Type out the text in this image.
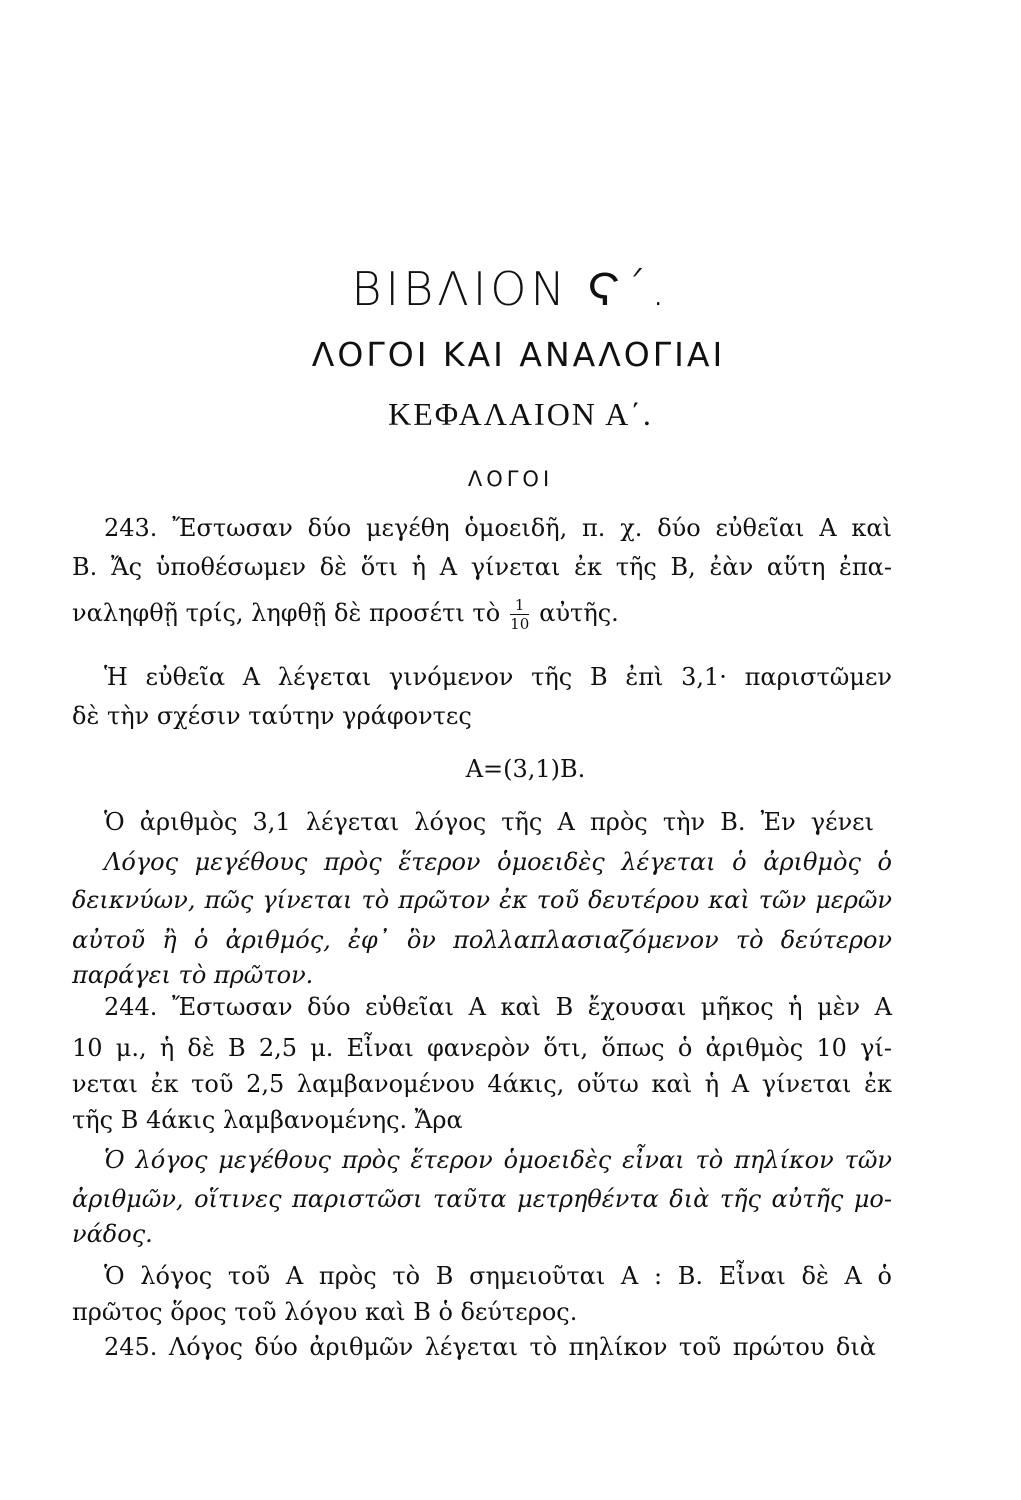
ΒΙΒΛΙΟΝ Ϛ΄.
ΛΟΓΟΙ ΚΑΙ ΑΝΑΛΟΓΙΑΙ
ΚΕΦΑΛΑΙΟΝ Α΄.
ΛΟΓΟΙ
243. Ἔστωσαν δύο μεγέθη ὁμοειδῆ, π. χ. δύο εὐθεῖαι Α καὶ
Β. Ἄς ὑποθέσωμεν δὲ ὅτι ἡ Α γίνεται ἐκ τῆς Β, ἐὰν αὕτη ἐπα-
ναληφθῇ τρίς, ληφθῇ δὲ προσέτι τὸ $\frac{1}{10}$ αὐτῆς.
Ἡ εὐθεῖα Α λέγεται γινόμενον τῆς Β ἐπὶ 3,1· παριστῶμεν
δὲ τὴν σχέσιν ταύτην γράφοντες
Α=(3,1)Β.
Ὁ ἀριθμὸς 3,1 λέγεται λόγος τῆς Α πρὸς τὴν Β. Ἐν γένει
Λόγος μεγέθους πρὸς ἕτερον ὁμοειδὲς λέγεται ὁ ἀριθμὸς ὁ
δεικνύων, πῶς γίνεται τὸ πρῶτον ἐκ τοῦ δευτέρου καὶ τῶν μερῶν
αὐτοῦ ἢ ὁ ἀριθμός, ἐφ᾽ ὃν πολλαπλασιαζόμενον τὸ δεύτερον
παράγει τὸ πρῶτον.
244. Ἔστωσαν δύο εὐθεῖαι Α καὶ Β ἔχουσαι μῆκος ἡ μὲν Α
10 μ., ἡ δὲ Β 2,5 μ. Εἶναι φανερὸν ὅτι, ὅπως ὁ ἀριθμὸς 10 γί-
νεται ἐκ τοῦ 2,5 λαμβανομένου 4άκις, οὕτω καὶ ἡ Α γίνεται ἐκ
τῆς Β 4άκις λαμβανομένης. Ἄρα
Ὁ λόγος μεγέθους πρὸς ἕτερον ὁμοειδὲς εἶναι τὸ πηλίκον τῶν
ἀριθμῶν, οἵτινες παριστῶσι ταῦτα μετρηθέντα διὰ τῆς αὐτῆς μο-
νάδος.
Ὁ λόγος τοῦ Α πρὸς τὸ Β σημειοῦται Α : Β. Εἶναι δὲ Α ὁ
πρῶτος ὅρος τοῦ λόγου καὶ Β ὁ δεύτερος.
245. Λόγος δύο ἀριθμῶν λέγεται τὸ πηλίκον τοῦ πρώτου διὰ
